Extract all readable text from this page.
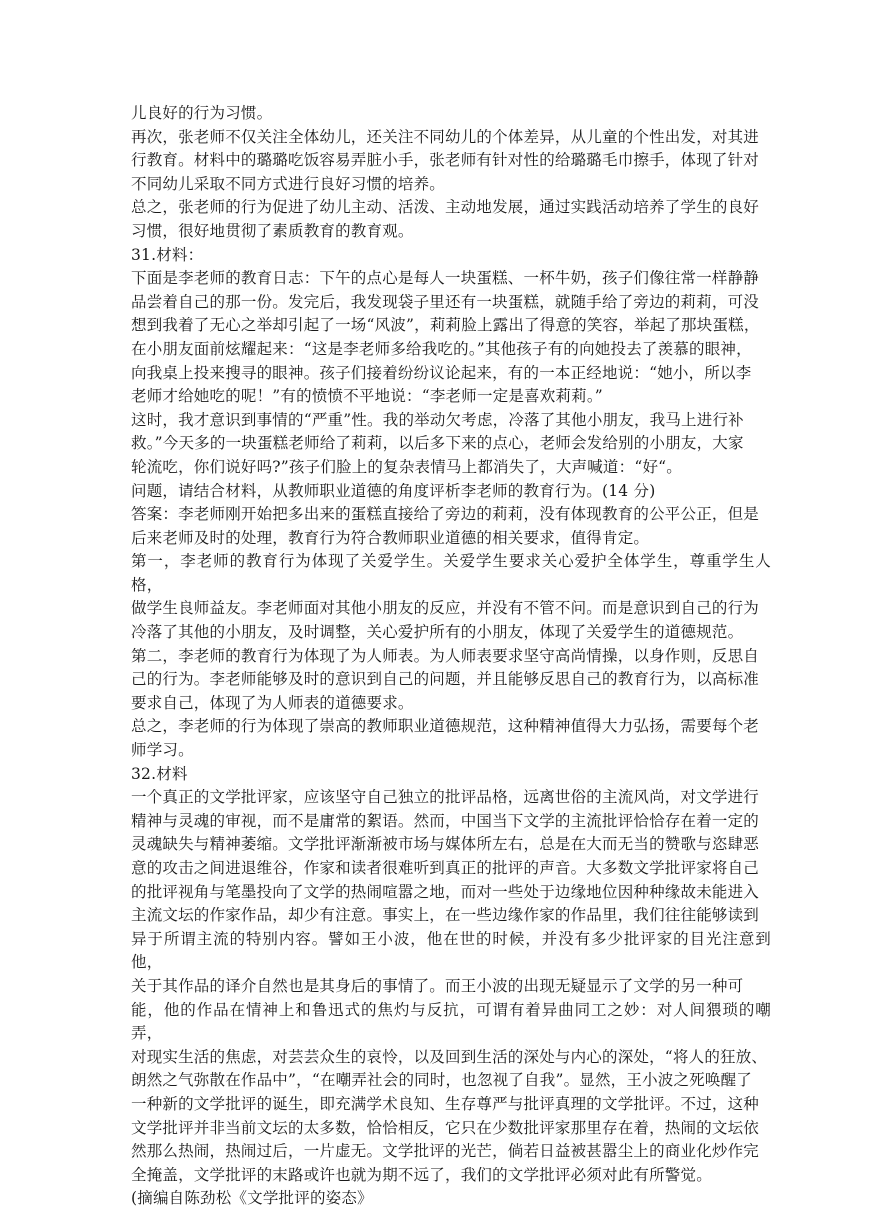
儿良好的行为习惯。
再次，张老师不仅关注全体幼儿，还关注不同幼儿的个体差异，从儿童的个性出发，对其进
行教育。材料中的璐璐吃饭容易弄脏小手，张老师有针对性的给璐璐毛巾擦手，体现了针对
不同幼儿采取不同方式进行良好习惯的培养。
总之，张老师的行为促进了幼儿主动、活泼、主动地发展，通过实践活动培养了学生的良好
习惯，很好地贯彻了素质教育的教育观。
31.材料：
下面是李老师的教育日志：下午的点心是每人一块蛋糕、一杯牛奶，孩子们像往常一样静静
品尝着自己的那一份。发完后，我发现袋子里还有一块蛋糕，就随手给了旁边的莉莉，可没
想到我着了无心之举却引起了一场“风波”，莉莉脸上露出了得意的笑容，举起了那块蛋糕，
在小朋友面前炫耀起来：“这是李老师多给我吃的。”其他孩子有的向她投去了羡慕的眼神，
向我桌上投来搜寻的眼神。孩子们接着纷纷议论起来，有的一本正经地说：“她小，所以李
老师才给她吃的呢！”有的愤愤不平地说：“李老师一定是喜欢莉莉。”
这时，我才意识到事情的“严重”性。我的举动欠考虑，冷落了其他小朋友，我马上进行补
救。”今天多的一块蛋糕老师给了莉莉，以后多下来的点心，老师会发给别的小朋友，大家
轮流吃，你们说好吗?”孩子们脸上的复杂表情马上都消失了，大声喊道：“好“。
问题，请结合材料，从教师职业道德的角度评析李老师的教育行为。(14 分)
答案：李老师刚开始把多出来的蛋糕直接给了旁边的莉莉，没有体现教育的公平公正，但是
后来老师及时的处理，教育行为符合教师职业道德的相关要求，值得肯定。
第一，李老师的教育行为体现了关爱学生。关爱学生要求关心爱护全体学生，尊重学生人格，
做学生良师益友。李老师面对其他小朋友的反应，并没有不管不问。而是意识到自己的行为
冷落了其他的小朋友，及时调整，关心爱护所有的小朋友，体现了关爱学生的道德规范。
第二，李老师的教育行为体现了为人师表。为人师表要求坚守高尚情操，以身作则，反思自
己的行为。李老师能够及时的意识到自己的问题，并且能够反思自己的教育行为，以高标准
要求自己，体现了为人师表的道德要求。
总之，李老师的行为体现了崇高的教师职业道德规范，这种精神值得大力弘扬，需要每个老
师学习。
32.材料
一个真正的文学批评家，应该坚守自己独立的批评品格，远离世俗的主流风尚，对文学进行
精神与灵魂的审视，而不是庸常的絮语。然而，中国当下文学的主流批评恰恰存在着一定的
灵魂缺失与精神萎缩。文学批评渐渐被市场与媒体所左右，总是在大而无当的赞歌与恣肆恶
意的攻击之间进退维谷，作家和读者很难听到真正的批评的声音。大多数文学批评家将自己
的批评视角与笔墨投向了文学的热闹喧嚣之地，而对一些处于边缘地位因种种缘故未能进入
主流文坛的作家作品，却少有注意。事实上，在一些边缘作家的作品里，我们往往能够读到
异于所谓主流的特别内容。譬如王小波，他在世的时候，并没有多少批评家的目光注意到他，
关于其作品的译介自然也是其身后的事情了。而王小波的出现无疑显示了文学的另一种可
能，他的作品在情神上和鲁迅式的焦灼与反抗，可谓有着异曲同工之妙：对人间猥琐的嘲弄，
对现实生活的焦虑，对芸芸众生的哀怜，以及回到生活的深处与内心的深处，“将人的狂放、
朗然之气弥散在作品中”，“在嘲弄社会的同时，也忽视了自我”。显然，王小波之死唤醒了
一种新的文学批评的诞生，即充满学术良知、生存尊严与批评真理的文学批评。不过，这种
文学批评并非当前文坛的太多数，恰恰相反，它只在少数批评家那里存在着，热闹的文坛依
然那么热闹，热闹过后，一片虚无。文学批评的光芒，倘若日益被甚嚣尘上的商业化炒作完
全掩盖，文学批评的末路或许也就为期不远了，我们的文学批评必须对此有所警觉。
(摘编自陈劲松《文学批评的姿态》
